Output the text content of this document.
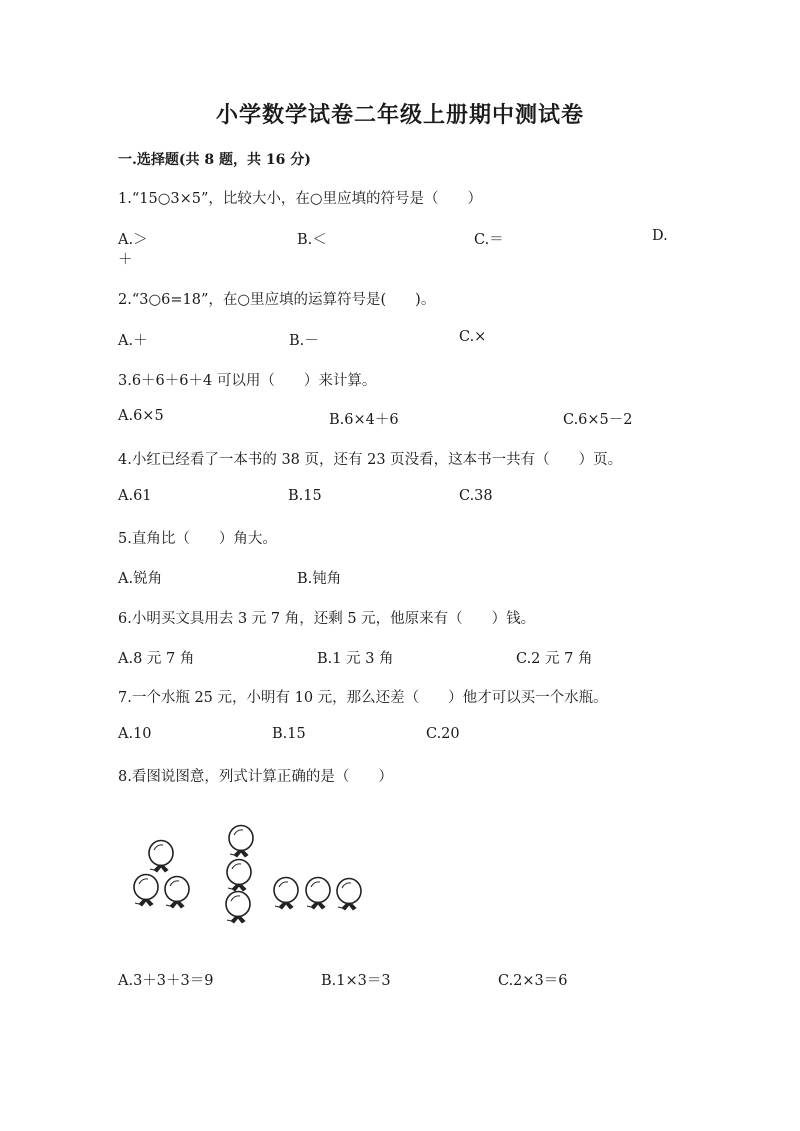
小学数学试卷二年级上册期中测试卷
一.选择题(共 8 题，共 16 分)
1.“15○3×5”，比较大小，在○里应填的符号是（　　）
A.＞	B.＜	C.＝	D.
＋
2.“3○6=18”，在○里应填的运算符号是(　　)。
A.＋	B.－	C.×
3.6＋6＋6＋4 可以用（　　）来计算。
A.6×5	B.6×4＋6	C.6×5－2
4.小红已经看了一本书的 38 页，还有 23 页没看，这本书一共有（　　）页。
A.61	B.15	C.38
5.直角比（　　）角大。
A.锐角	B.钝角
6.小明买文具用去 3 元 7 角，还剩 5 元，他原来有（　　）钱。
A.8 元 7 角	B.1 元 3 角	C.2 元 7 角
7.一个水瓶 25 元，小明有 10 元，那么还差（　　）他才可以买一个水瓶。
A.10	B.15	C.20
8.看图说图意，列式计算正确的是（　　）
A.3＋3＋3＝9	B.1×3＝3	C.2×3＝6
